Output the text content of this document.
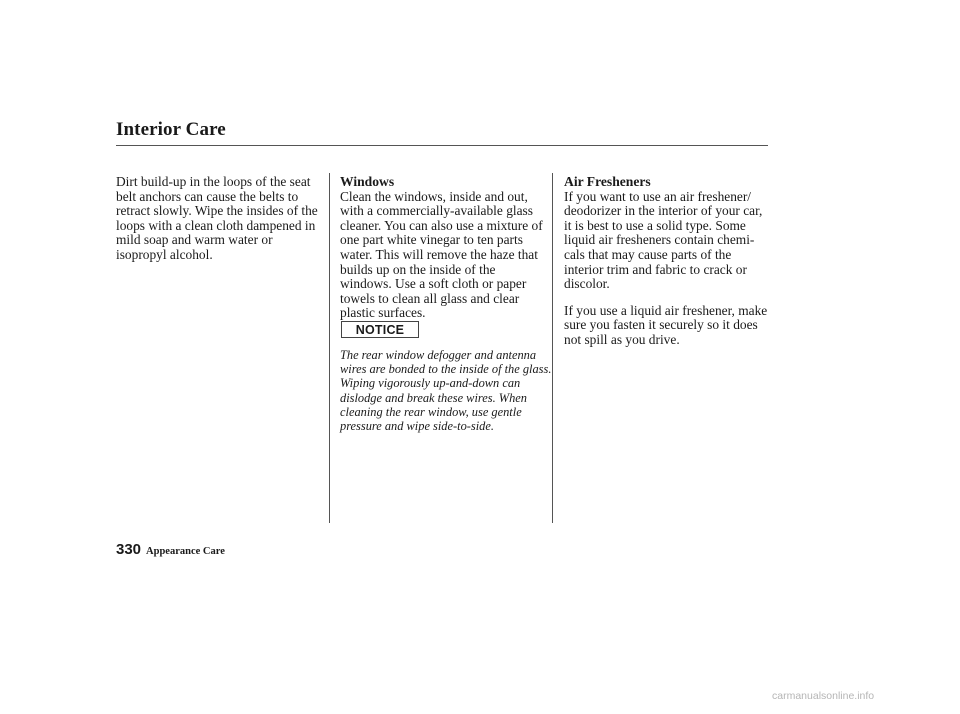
Interior Care

Dirt build-up in the loops of the seat belt anchors can cause the belts to retract slowly. Wipe the insides of the loops with a clean cloth dampened in mild soap and warm water or isopropyl alcohol.

Windows

Clean the windows, inside and out, with a commercially-available glass cleaner. You can also use a mixture of one part white vinegar to ten parts water. This will remove the haze that builds up on the inside of the windows. Use a soft cloth or paper towels to clean all glass and clear plastic surfaces.

NOTICE
The rear window defogger and antenna wires are bonded to the inside of the glass. Wiping vigorously up-and-down can dislodge and break these wires. When cleaning the rear window, use gentle pressure and wipe side-to-side.
Air Fresheners

If you want to use an air freshener/ deodorizer in the interior of your car, it is best to use a solid type. Some liquid air fresheners contain chemi-cals that may cause parts of the interior trim and fabric to crack or discolor.

If you use a liquid air freshener, make sure you fasten it securely so it does not spill as you drive.

330 Appearance Care
carmanualsonline.info
